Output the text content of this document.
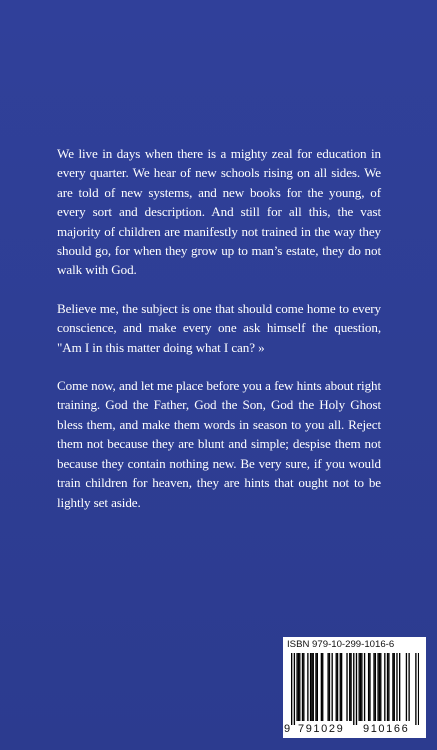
We live in days when there is a mighty zeal for education in every quarter. We hear of new schools rising on all sides. We are told of new systems, and new books for the young, of every sort and description. And still for all this, the vast majority of children are manifestly not trained in the way they should go, for when they grow up to man’s estate, they do not walk with God.

Believe me, the subject is one that should come home to every conscience, and make every one ask himself the question, "Am I in this matter doing what I can? »

Come now, and let me place before you a few hints about right training. God the Father, God the Son, God the Holy Ghost bless them, and make them words in season to you all. Reject them not because they are blunt and simple; despise them not because they contain nothing new. Be very sure, if you would train children for heaven, they are hints that ought not to be lightly set aside.

ISBN 979-10-299-1016-6
9 791029 910166
